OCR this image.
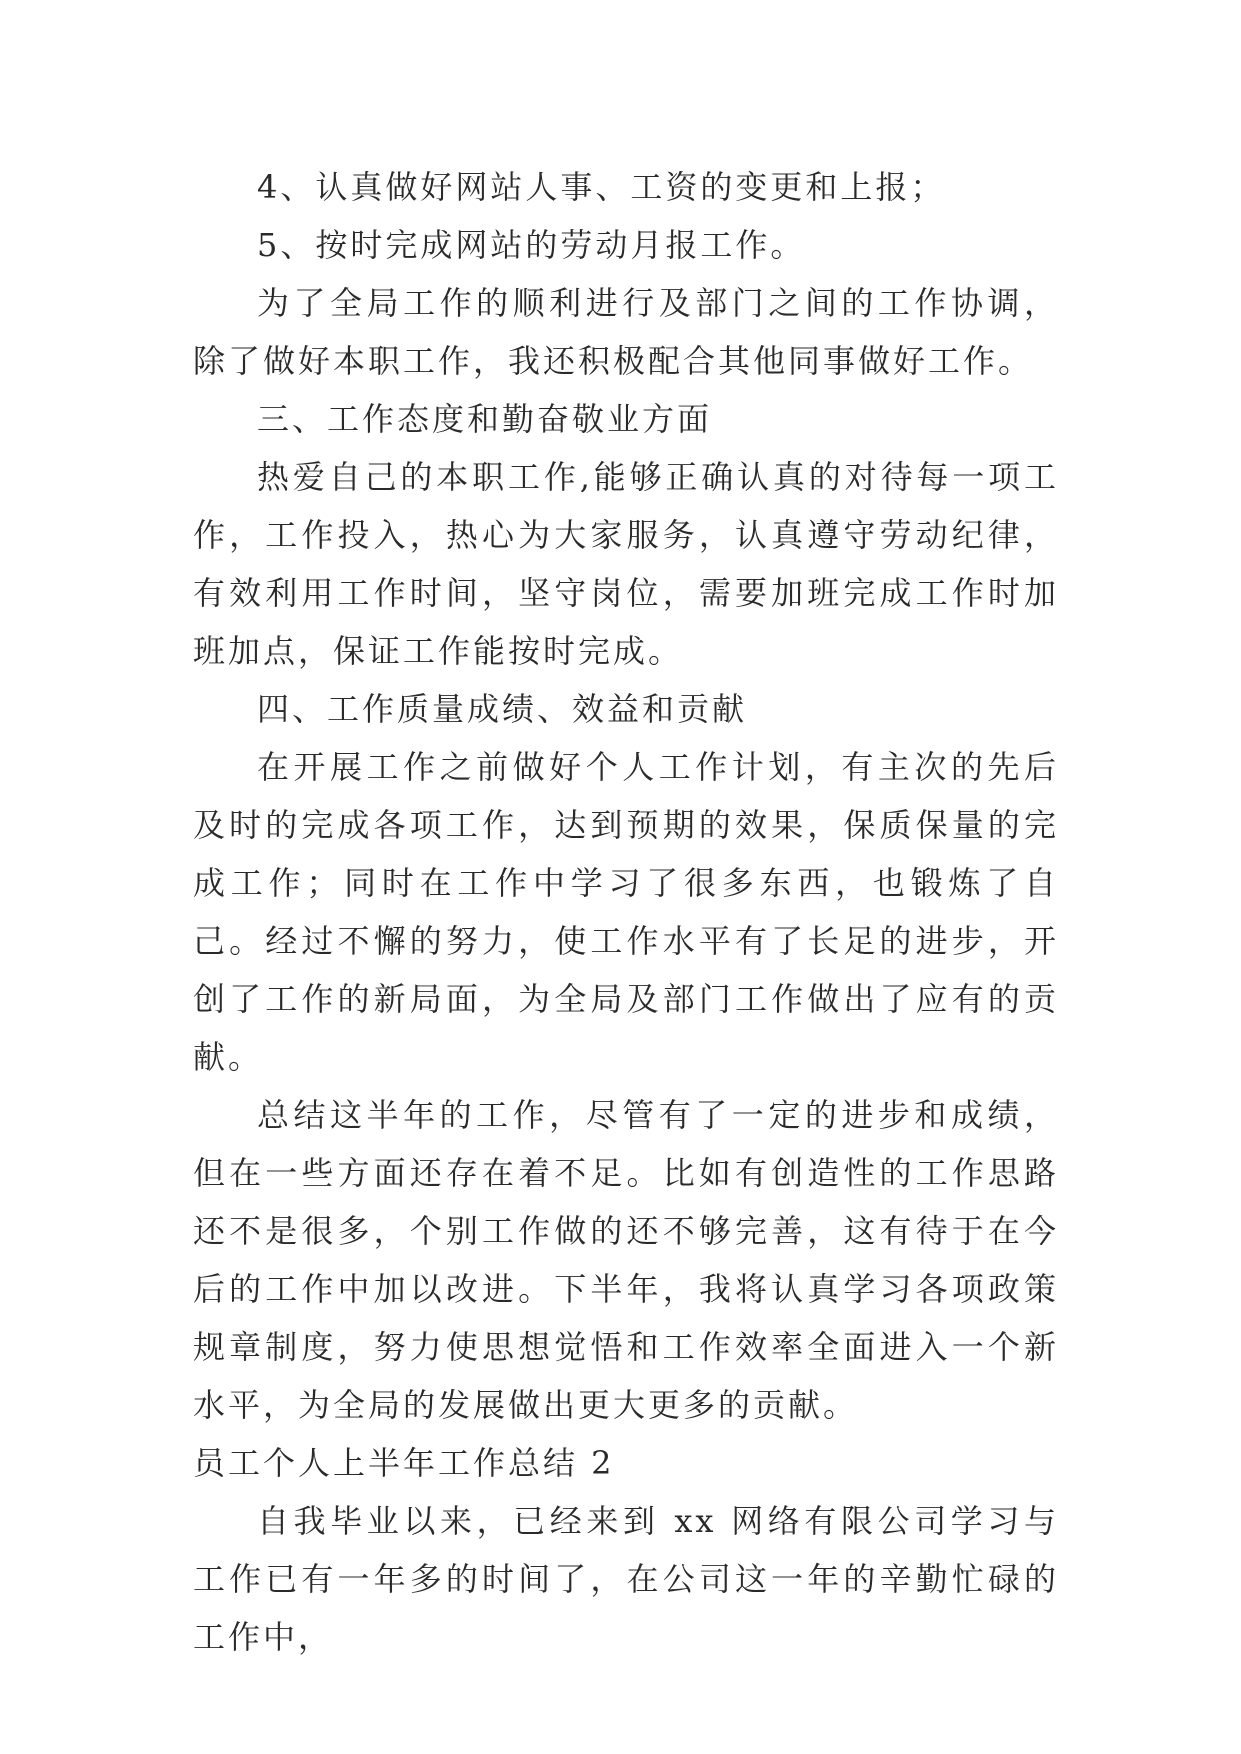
4、认真做好网站人事、工资的变更和上报；

5、按时完成网站的劳动月报工作。

为了全局工作的顺利进行及部门之间的工作协调，除了做好本职工作，我还积极配合其他同事做好工作。

三、工作态度和勤奋敬业方面

热爱自己的本职工作,能够正确认真的对待每一项工作，工作投入，热心为大家服务，认真遵守劳动纪律，有效利用工作时间，坚守岗位，需要加班完成工作时加班加点，保证工作能按时完成。

四、工作质量成绩、效益和贡献

在开展工作之前做好个人工作计划，有主次的先后及时的完成各项工作，达到预期的效果，保质保量的完成工作；同时在工作中学习了很多东西，也锻炼了自己。经过不懈的努力，使工作水平有了长足的进步，开创了工作的新局面，为全局及部门工作做出了应有的贡献。

总结这半年的工作，尽管有了一定的进步和成绩，但在一些方面还存在着不足。比如有创造性的工作思路还不是很多，个别工作做的还不够完善，这有待于在今后的工作中加以改进。下半年，我将认真学习各项政策规章制度，努力使思想觉悟和工作效率全面进入一个新水平，为全局的发展做出更大更多的贡献。

员工个人上半年工作总结 2

自我毕业以来，已经来到 xx 网络有限公司学习与工作已有一年多的时间了，在公司这一年的辛勤忙碌的工作中，
